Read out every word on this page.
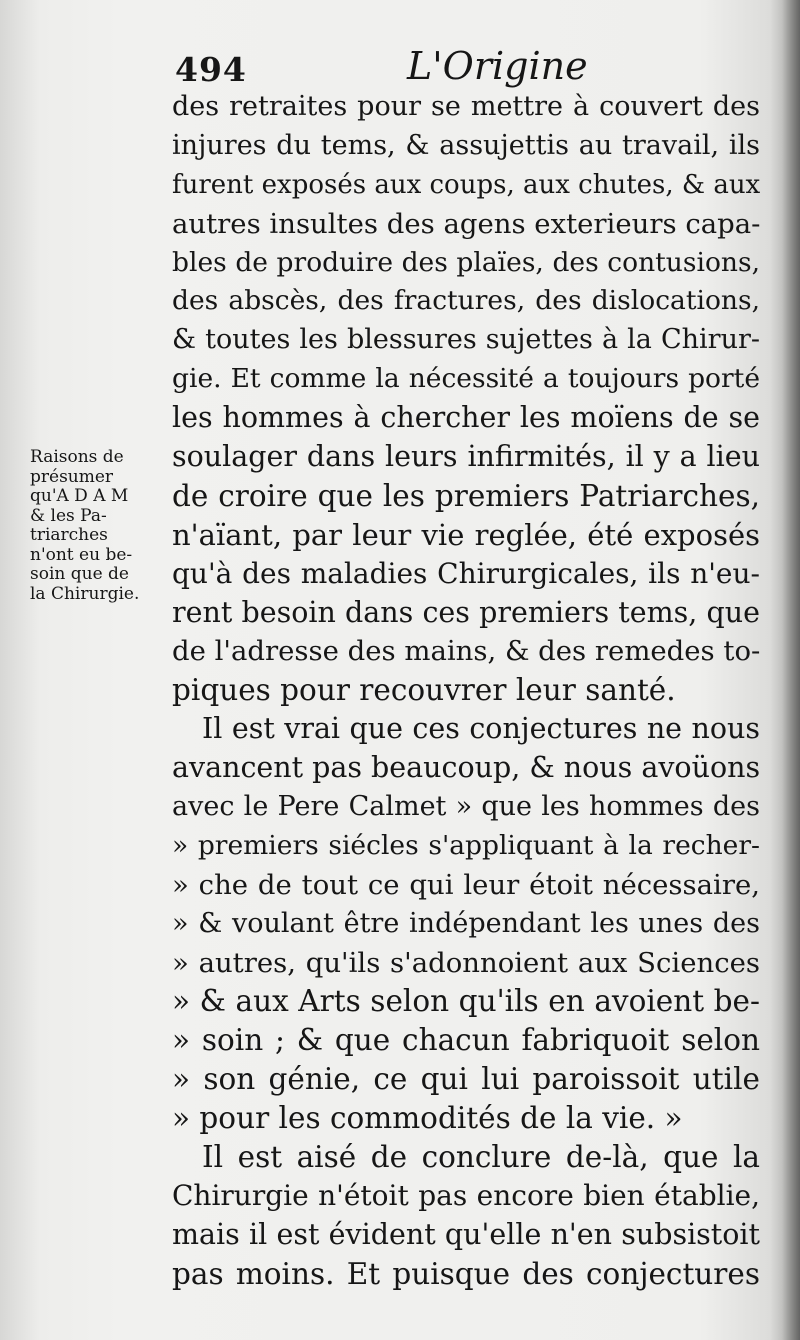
494	L'Origine
Raisons de
présumer
qu'A D A M
& les Pa-
triarches
n'ont eu be-
soin que de
la Chirurgie.
des retraites pour se mettre à couvert des
injures du tems, & assujettis au travail, ils
furent exposés aux coups, aux chutes, & aux
autres insultes des agens exterieurs capa-
bles de produire des plaïes, des contusions,
des abscès, des fractures, des dislocations,
& toutes les blessures sujettes à la Chirur-
gie. Et comme la nécessité a toujours porté
les hommes à chercher les moïens de se
soulager dans leurs infirmités, il y a lieu
de croire que les premiers Patriarches,
n'aïant, par leur vie reglée, été exposés
qu'à des maladies Chirurgicales, ils n'eu-
rent besoin dans ces premiers tems, que
de l'adresse des mains, & des remedes to-
piques pour recouvrer leur santé.
Il est vrai que ces conjectures ne nous
avancent pas beaucoup, & nous avoüons
avec le Pere Calmet » que les hommes des
» premiers siécles s'appliquant à la recher-
» che de tout ce qui leur étoit nécessaire,
» & voulant être indépendant les unes des
» autres, qu'ils s'adonnoient aux Sciences
» & aux Arts selon qu'ils en avoient be-
» soin ; & que chacun fabriquoit selon
» son génie, ce qui lui paroissoit utile
» pour les commodités de la vie. »
Il est aisé de conclure de-là, que la
Chirurgie n'étoit pas encore bien établie,
mais il est évident qu'elle n'en subsistoit
pas moins. Et puisque des conjectures
